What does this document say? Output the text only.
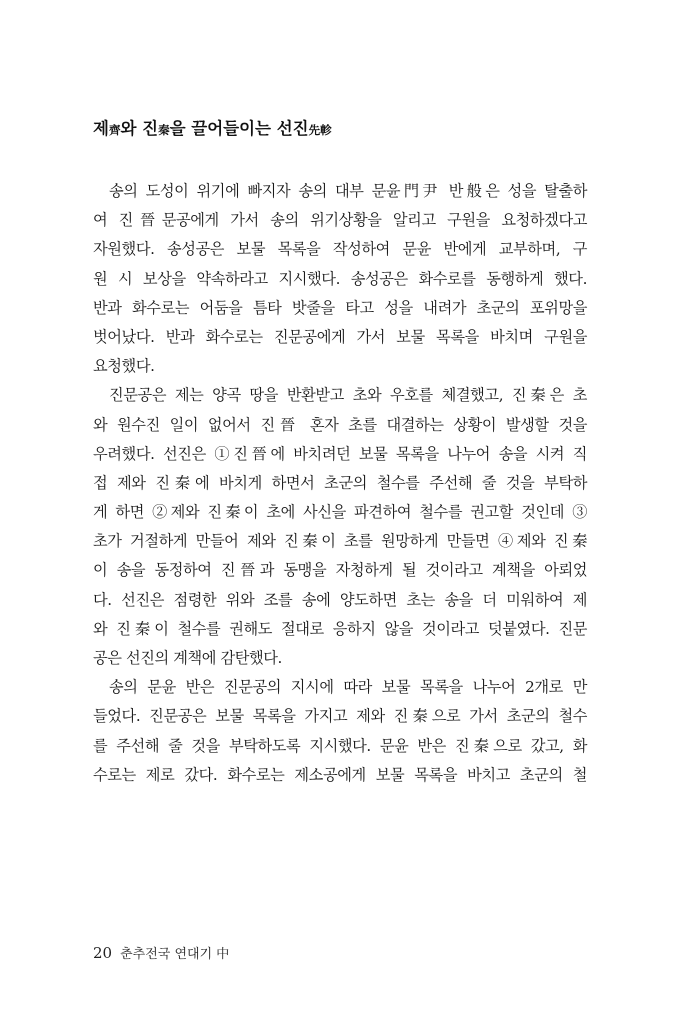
제齊와 진秦을 끌어들이는 선진先軫
송의 도성이 위기에 빠지자 송의 대부 문윤門尹 반般은 성을 탈출하
여 진晉문공에게 가서 송의 위기상황을 알리고 구원을 요청하겠다고
자원했다. 송성공은 보물 목록을 작성하여 문윤 반에게 교부하며, 구
원 시 보상을 약속하라고 지시했다. 송성공은 화수로를 동행하게 했다.
반과 화수로는 어둠을 틈타 밧줄을 타고 성을 내려가 초군의 포위망을
벗어났다. 반과 화수로는 진문공에게 가서 보물 목록을 바치며 구원을
요청했다.
진문공은 제는 양곡 땅을 반환받고 초와 우호를 체결했고, 진秦은 초
와 원수진 일이 없어서 진晉 혼자 초를 대결하는 상황이 발생할 것을
우려했다. 선진은 ①진晉에 바치려던 보물 목록을 나누어 송을 시켜 직
접 제와 진秦에 바치게 하면서 초군의 철수를 주선해 줄 것을 부탁하
게 하면 ②제와 진秦이 초에 사신을 파견하여 철수를 권고할 것인데 ③
초가 거절하게 만들어 제와 진秦이 초를 원망하게 만들면 ④제와 진秦
이 송을 동정하여 진晉과 동맹을 자청하게 될 것이라고 계책을 아뢰었
다. 선진은 점령한 위와 조를 송에 양도하면 초는 송을 더 미워하여 제
와 진秦이 철수를 권해도 절대로 응하지 않을 것이라고 덧붙였다. 진문
공은 선진의 계책에 감탄했다.
송의 문윤 반은 진문공의 지시에 따라 보물 목록을 나누어 2개로 만
들었다. 진문공은 보물 목록을 가지고 제와 진秦으로 가서 초군의 철수
를 주선해 줄 것을 부탁하도록 지시했다. 문윤 반은 진秦으로 갔고, 화
수로는 제로 갔다. 화수로는 제소공에게 보물 목록을 바치고 초군의 철
20 춘추전국 연대기 中
